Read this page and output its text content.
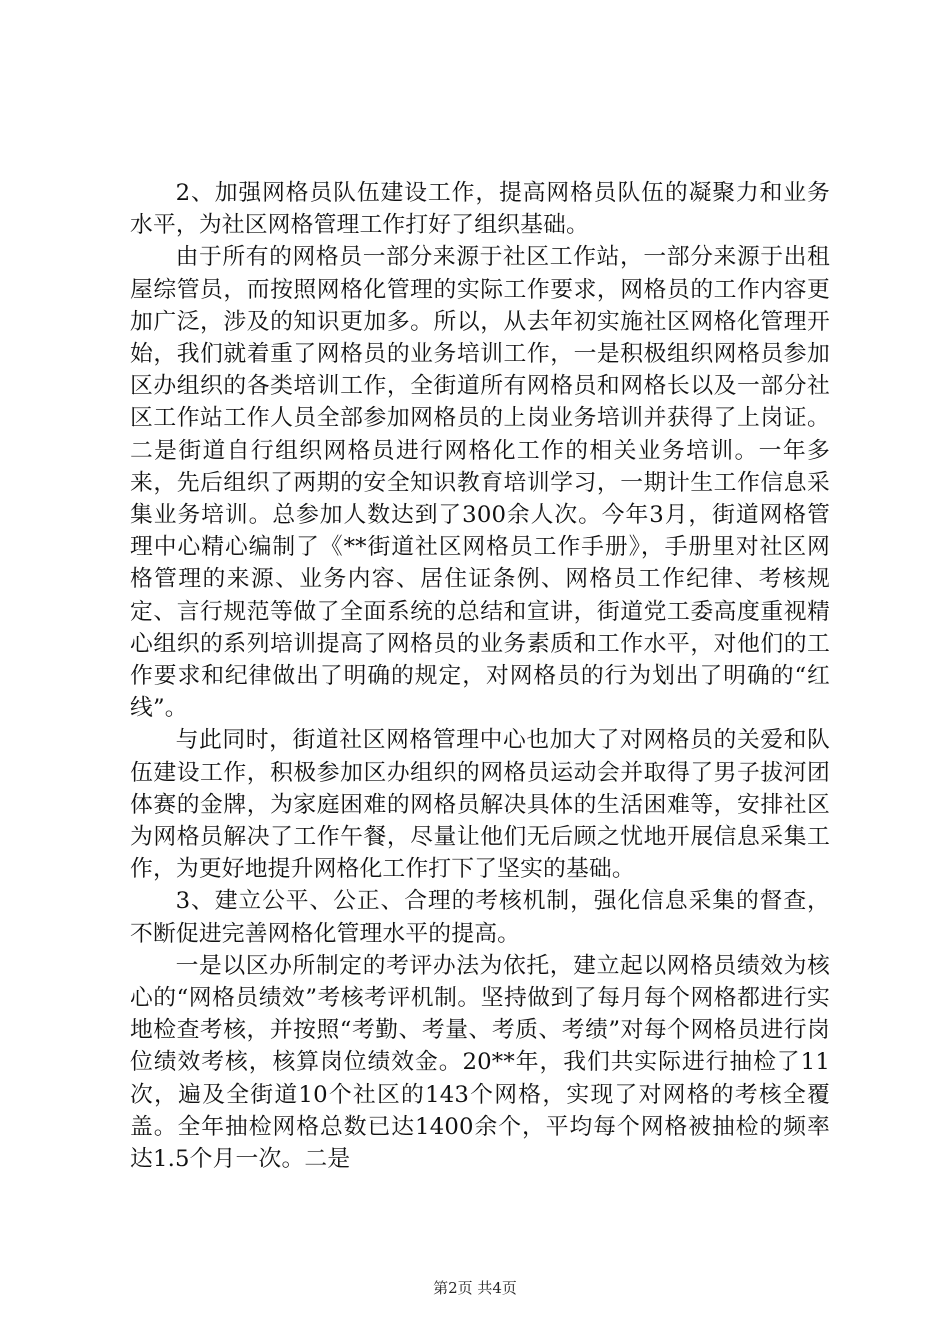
2、加强网格员队伍建设工作，提高网格员队伍的凝聚力和业务水平，为社区网格管理工作打好了组织基础。

由于所有的网格员一部分来源于社区工作站，一部分来源于出租屋综管员，而按照网格化管理的实际工作要求，网格员的工作内容更加广泛，涉及的知识更加多。所以，从去年初实施社区网格化管理开始，我们就着重了网格员的业务培训工作，一是积极组织网格员参加区办组织的各类培训工作，全街道所有网格员和网格长以及一部分社区工作站工作人员全部参加网格员的上岗业务培训并获得了上岗证。二是街道自行组织网格员进行网格化工作的相关业务培训。一年多来，先后组织了两期的安全知识教育培训学习，一期计生工作信息采集业务培训。总参加人数达到了300余人次。今年3月，街道网格管理中心精心编制了《**街道社区网格员工作手册》，手册里对社区网格管理的来源、业务内容、居住证条例、网格员工作纪律、考核规定、言行规范等做了全面系统的总结和宣讲，街道党工委高度重视精心组织的系列培训提高了网格员的业务素质和工作水平，对他们的工作要求和纪律做出了明确的规定，对网格员的行为划出了明确的“红线”。

与此同时，街道社区网格管理中心也加大了对网格员的关爱和队伍建设工作，积极参加区办组织的网格员运动会并取得了男子拔河团体赛的金牌，为家庭困难的网格员解决具体的生活困难等，安排社区为网格员解决了工作午餐，尽量让他们无后顾之忧地开展信息采集工作，为更好地提升网格化工作打下了坚实的基础。

3、建立公平、公正、合理的考核机制，强化信息采集的督查，不断促进完善网格化管理水平的提高。

一是以区办所制定的考评办法为依托，建立起以网格员绩效为核心的“网格员绩效”考核考评机制。坚持做到了每月每个网格都进行实地检查考核，并按照“考勤、考量、考质、考绩”对每个网格员进行岗位绩效考核，核算岗位绩效金。20**年，我们共实际进行抽检了11次，遍及全街道10个社区的143个网格，实现了对网格的考核全覆盖。全年抽检网格总数已达1400余个，平均每个网格被抽检的频率达1.5个月一次。二是

第2页 共4页
